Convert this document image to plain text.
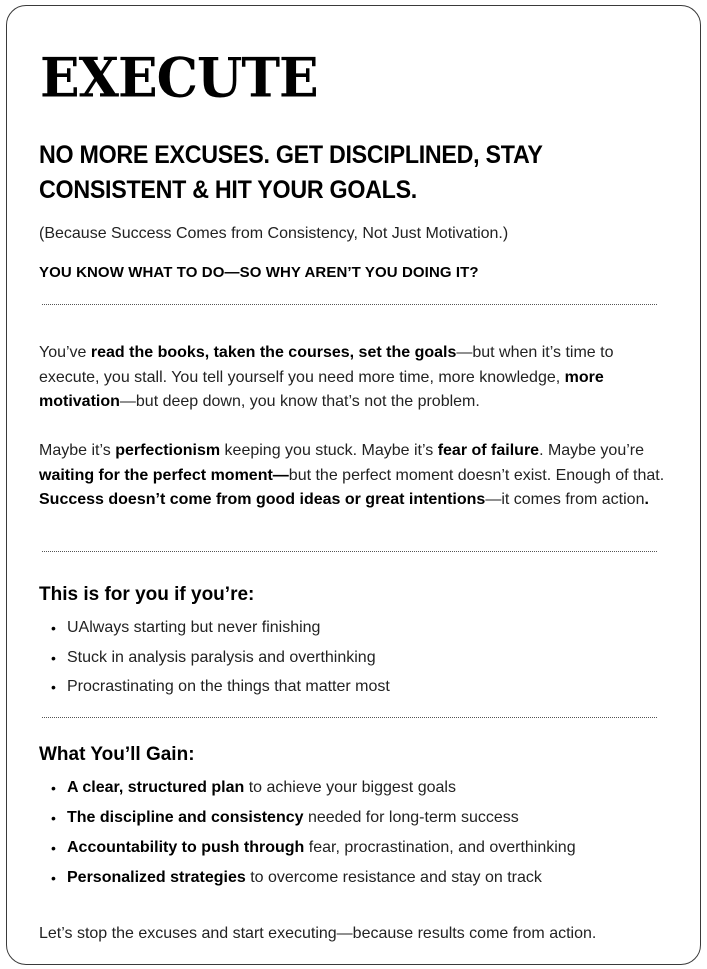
EXECUTE
NO MORE EXCUSES. GET DISCIPLINED, STAY CONSISTENT & HIT YOUR GOALS.

(Because Success Comes from Consistency, Not Just Motivation.)

YOU KNOW WHAT TO DO—SO WHY AREN’T YOU DOING IT?

You’ve read the books, taken the courses, set the goals—but when it’s time to execute, you stall. You tell yourself you need more time, more knowledge, more motivation—but deep down, you know that’s not the problem.

Maybe it’s perfectionism keeping you stuck. Maybe it’s fear of failure. Maybe you’re waiting for the perfect moment—but the perfect moment doesn’t exist. Enough of that. Success doesn’t come from good ideas or great intentions—it comes from action.

This is for you if you’re:
• UAlways starting but never finishing
• Stuck in analysis paralysis and overthinking
• Procrastinating on the things that matter most
What You’ll Gain:
• A clear, structured plan to achieve your biggest goals
• The discipline and consistency needed for long-term success
• Accountability to push through fear, procrastination, and overthinking
• Personalized strategies to overcome resistance and stay on track

Let’s stop the excuses and start executing—because results come from action.
